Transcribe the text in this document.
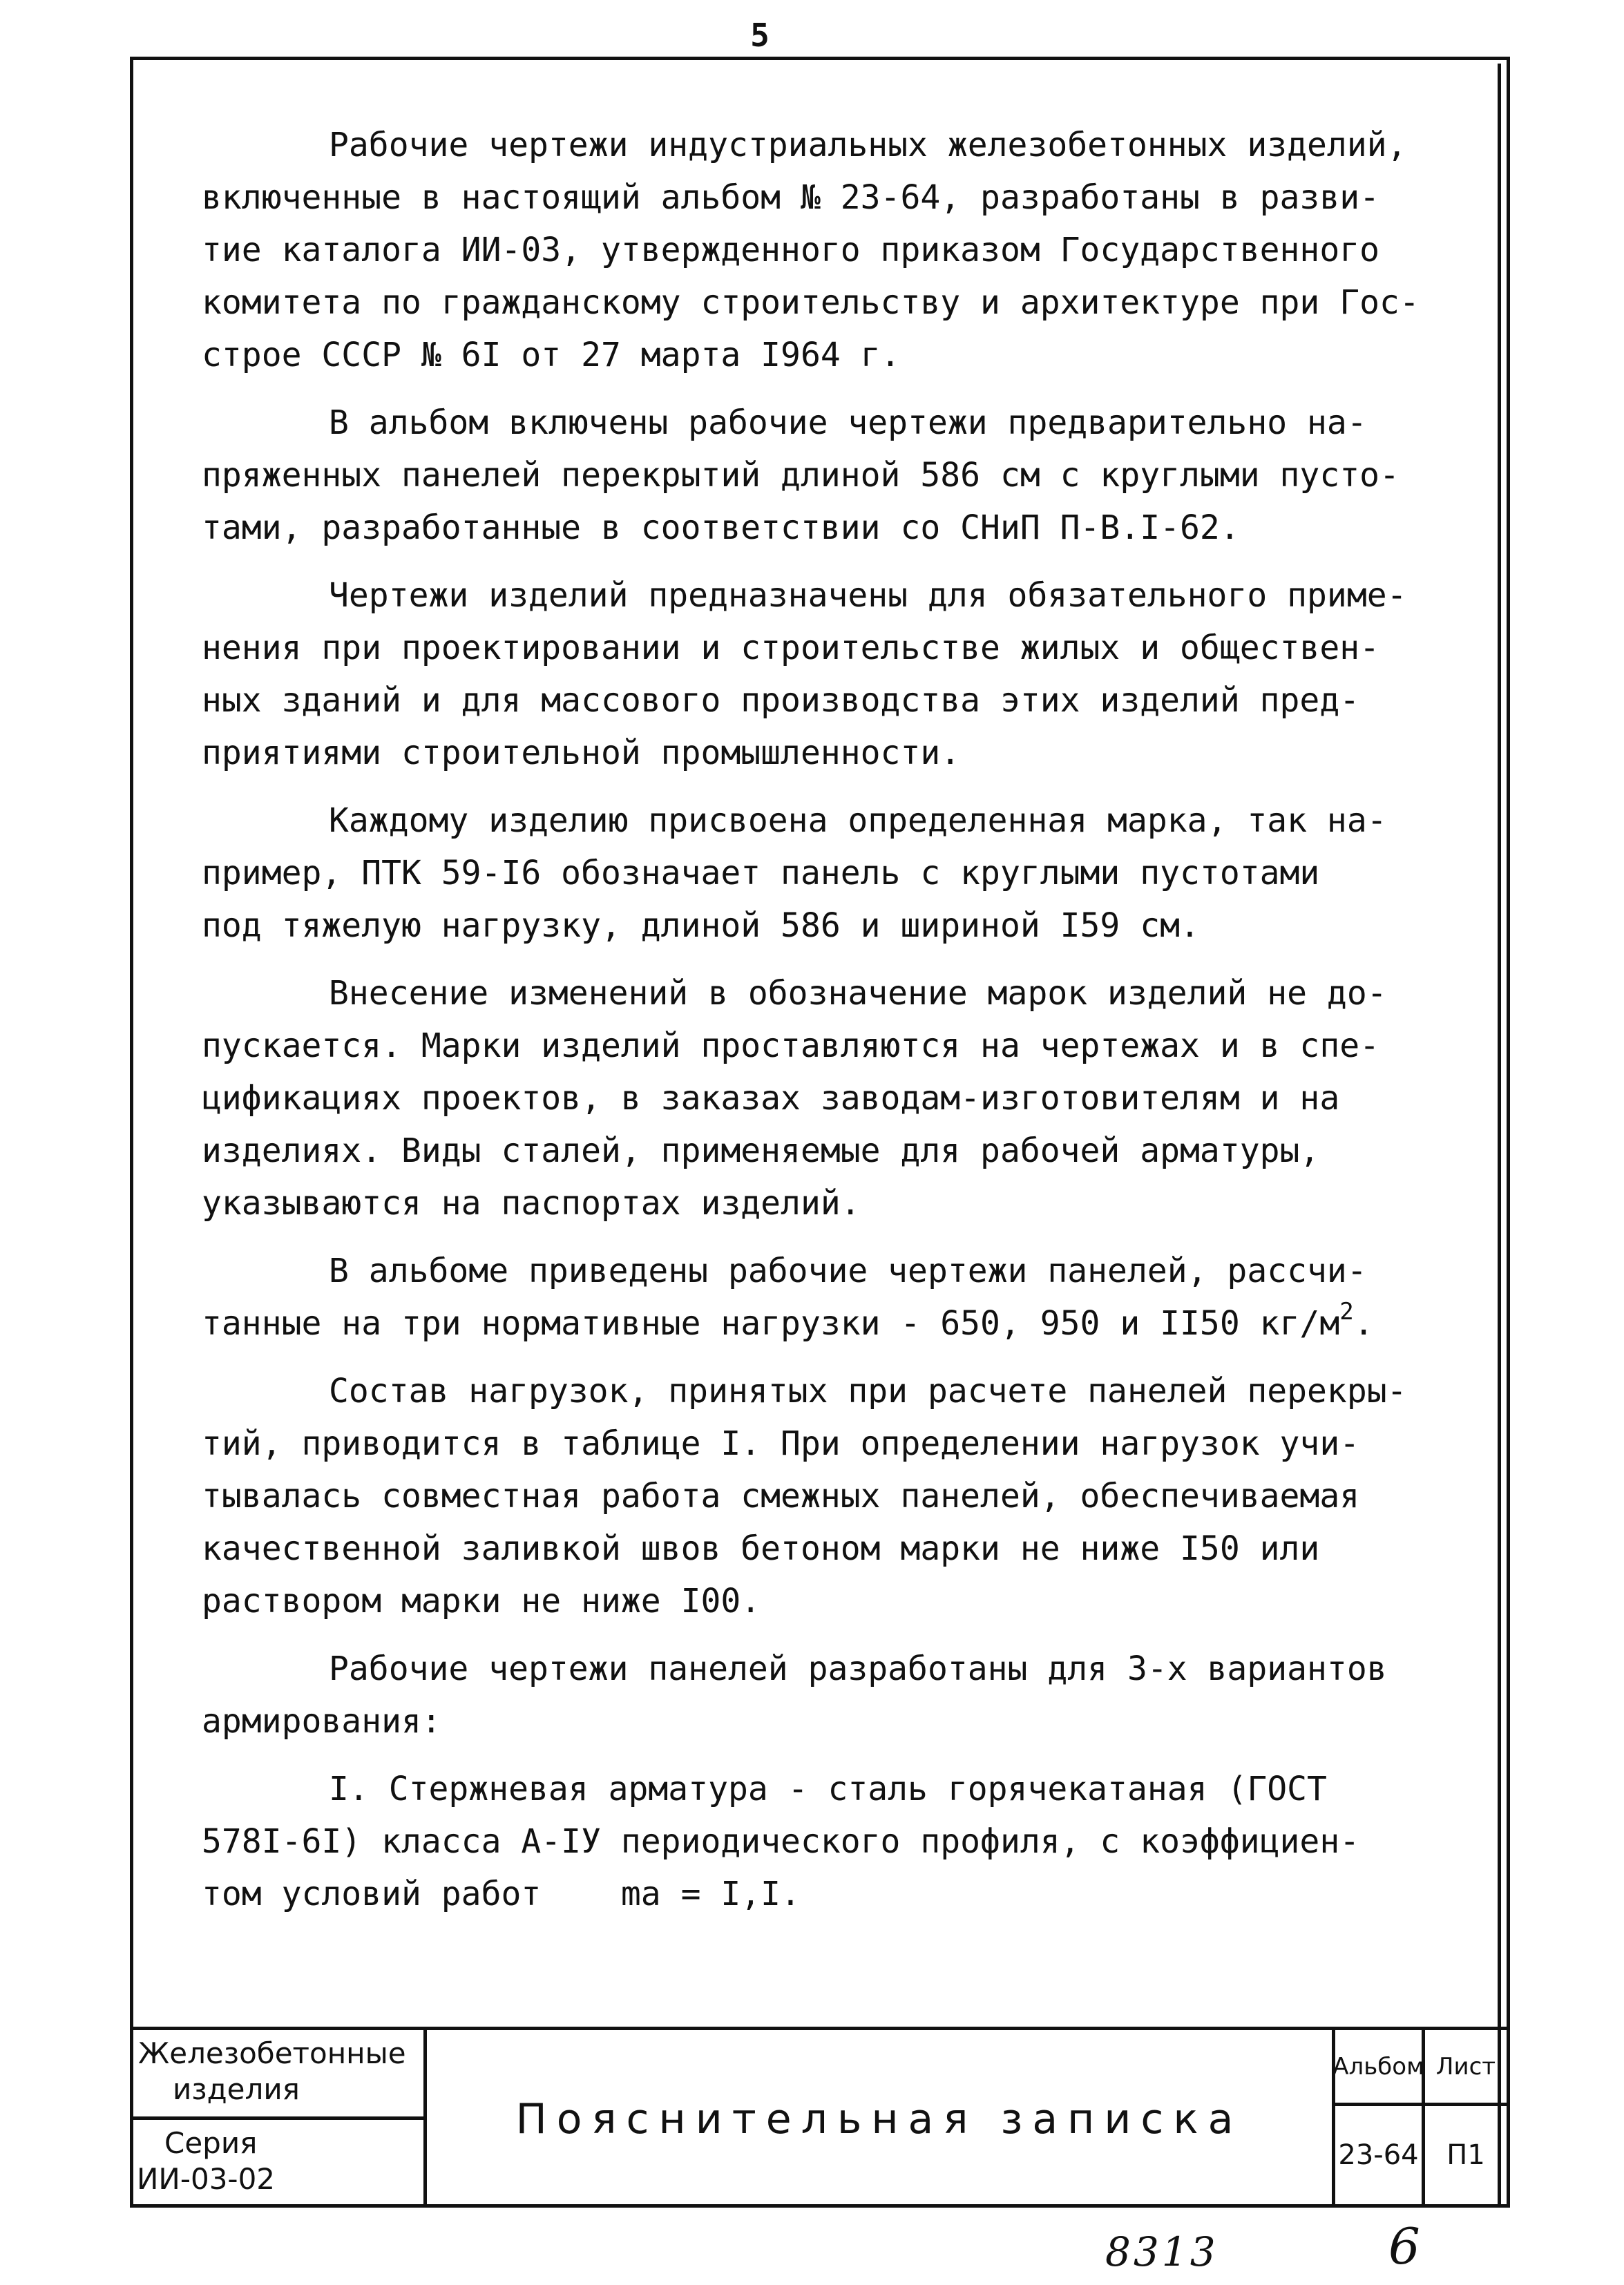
5

Рабочие чертежи индустриальных железобетонных изделий,
включенные в настоящий альбом № 23-64, разработаны в разви-
тие каталога ИИ-03, утвержденного приказом Государственного
комитета по гражданскому строительству и архитектуре при Гос-
строе СССР № 6I от 27 марта I964 г.

В альбом включены рабочие чертежи предварительно на-
пряженных панелей перекрытий длиной 586 см с круглыми пусто-
тами, разработанные в соответствии со СНиП П-В.I-62.

Чертежи изделий предназначены для обязательного приме-
нения при проектировании и строительстве жилых и обществен-
ных зданий и для массового производства этих изделий пред-
приятиями строительной промышленности.

Каждому изделию присвоена определенная марка, так на-
пример, ПТК 59-I6 обозначает панель с круглыми пустотами
под тяжелую нагрузку, длиной 586 и шириной I59 см.

Внесение изменений в обозначение марок изделий не до-
пускается. Марки изделий проставляются на чертежах и в спе-
цификациях проектов, в заказах заводам-изготовителям и на
изделиях. Виды сталей, применяемые для рабочей арматуры,
указываются на паспортах изделий.

В альбоме приведены рабочие чертежи панелей, рассчи-
танные на три нормативные нагрузки - 650, 950 и II50 $кг/м^2$.

Состав нагрузок, принятых при расчете панелей перекры-
тий, приводится в таблице I. При определении нагрузок учи-
тывалась совместная работа смежных панелей, обеспечиваемая
качественной заливкой швов бетоном марки не ниже I50 или
раствором марки не ниже I00.

Рабочие чертежи панелей разработаны для 3-х вариантов
армирования:

I. Стержневая арматура - сталь горячекатаная (ГОСТ
578I-6I) класса А-IУ периодического профиля, с коэффициен-
том условий работ    mа = I,I.

Железобетонные
изделия
Серия
ИИ-03-02
Пояснительная записка
Альбом
23-64
Лист
П1
8313	6
